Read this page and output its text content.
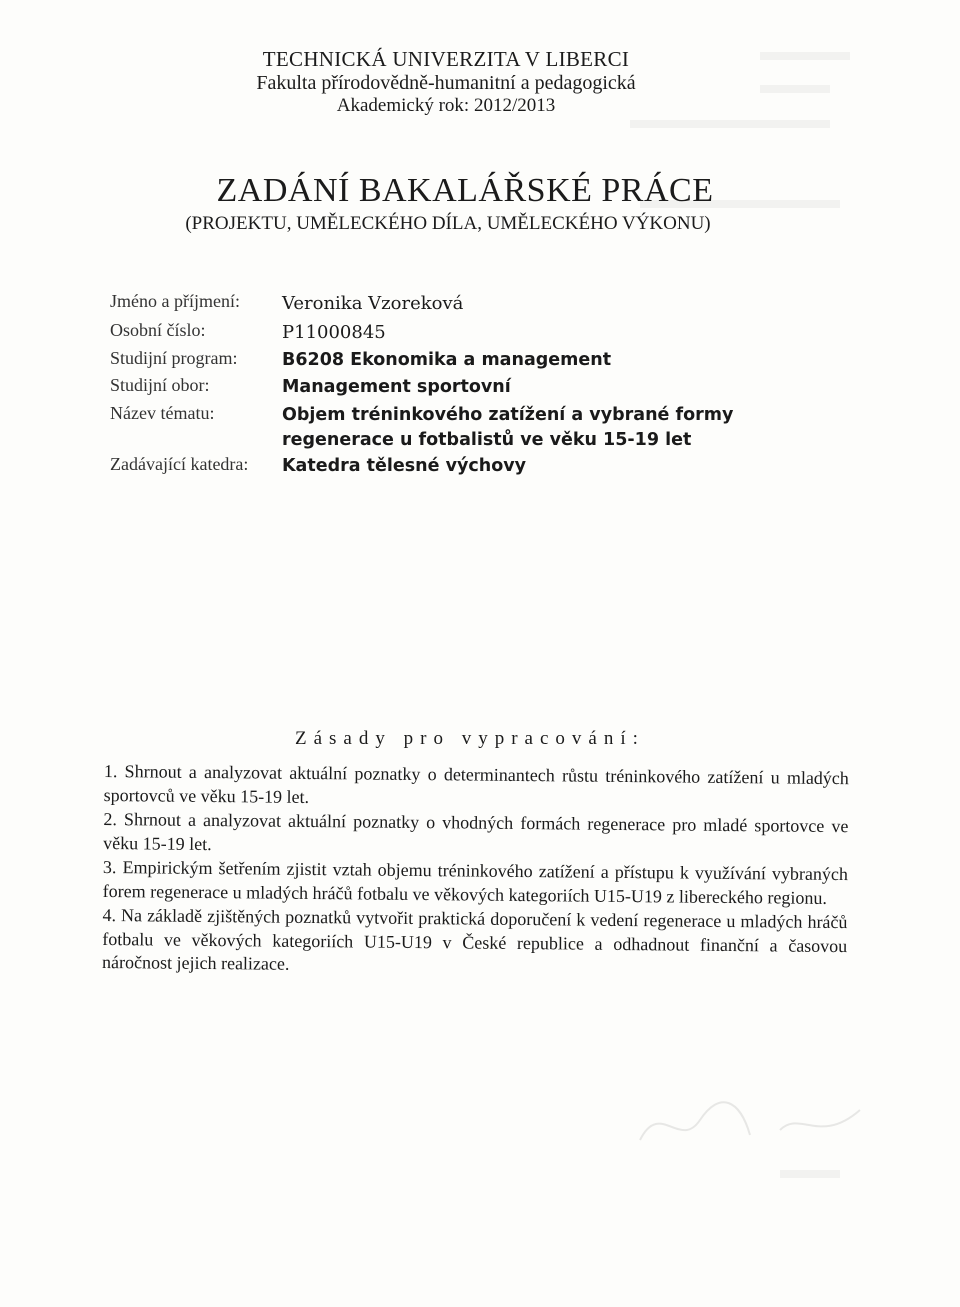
TECHNICKÁ UNIVERZITA V LIBERCI
Fakulta přírodovědně-humanitní a pedagogická
Akademický rok: 2012/2013
ZADÁNÍ BAKALÁŘSKÉ PRÁCE
(PROJEKTU, UMĚLECKÉHO DÍLA, UMĚLECKÉHO VÝKONU)
Jméno a příjmení:	Veronika Vzoreková
Osobní číslo:	P11000845
Studijní program:	B6208 Ekonomika a management
Studijní obor:	Management sportovní
Název tématu:	Objem tréninkového zatížení a vybrané formy regenerace u fotbalistů ve věku 15-19 let
Zadávající katedra:	Katedra tělesné výchovy
Zásady pro vypracování:
1. Shrnout a analyzovat aktuální poznatky o determinantech růstu tréninkového zatížení u mladých sportovců ve věku 15-19 let.
2. Shrnout a analyzovat aktuální poznatky o vhodných formách regenerace pro mladé sportovce ve věku 15-19 let.
3. Empirickým šetřením zjistit vztah objemu tréninkového zatížení a přístupu k využívání vybraných forem regenerace u mladých hráčů fotbalu ve věkových kategoriích U15-U19 z libereckého regionu.
4. Na základě zjištěných poznatků vytvořit praktická doporučení k vedení regenerace u mladých hráčů fotbalu ve věkových kategoriích U15-U19 v České republice a odhadnout finanční a časovou náročnost jejich realizace.
